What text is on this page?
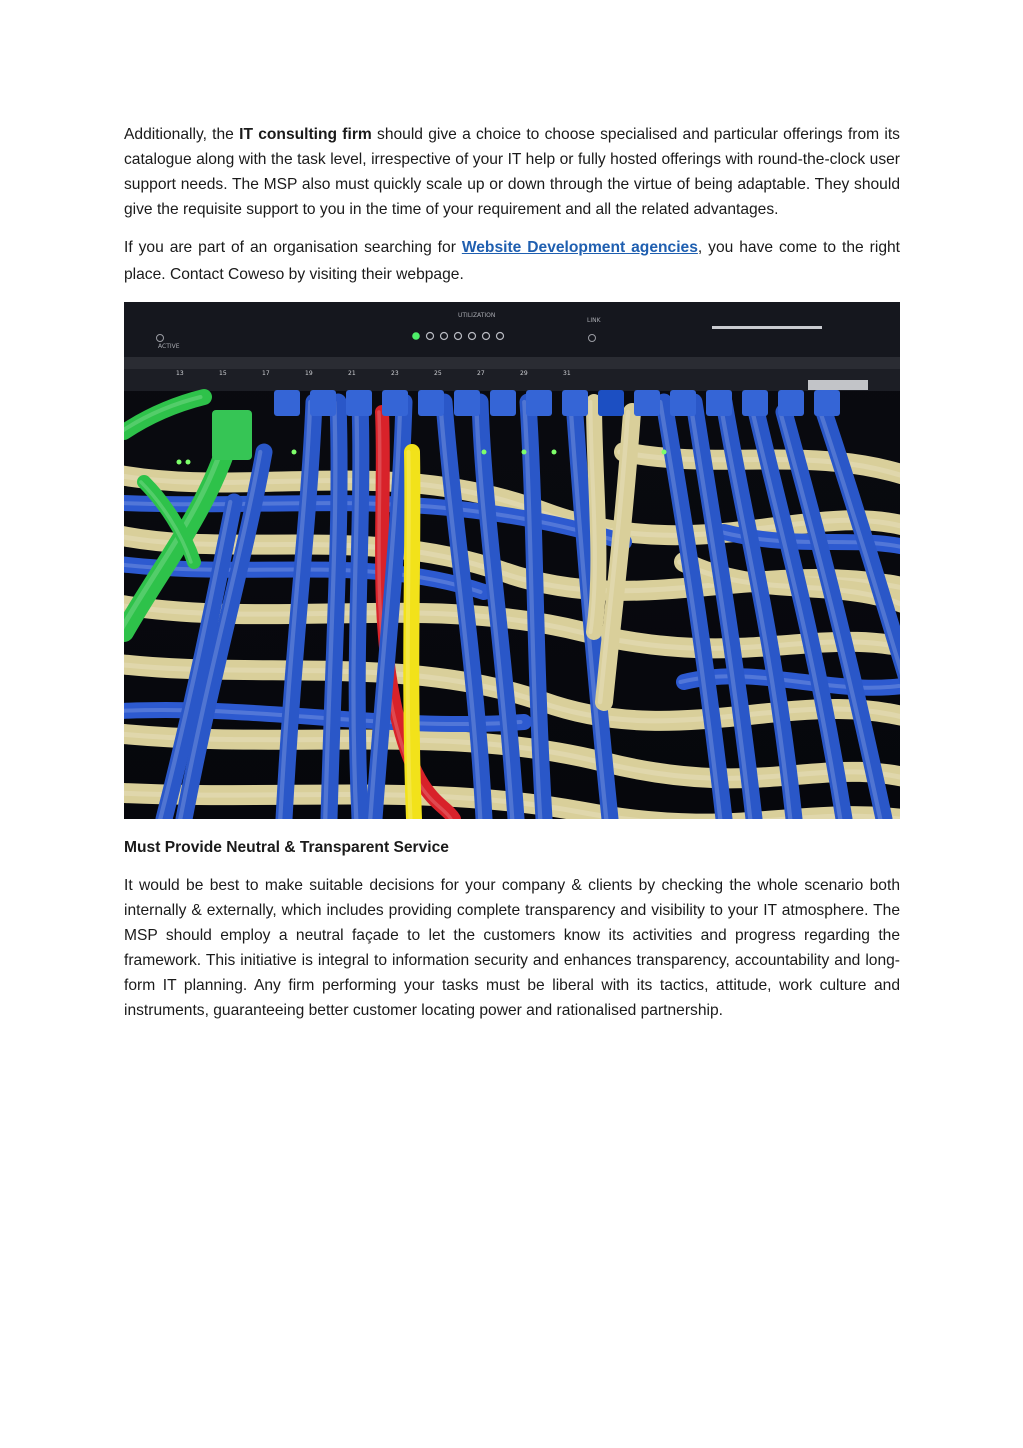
Additionally, the IT consulting firm should give a choice to choose specialised and particular offerings from its catalogue along with the task level, irrespective of your IT help or fully hosted offerings with round-the-clock user support needs. The MSP also must quickly scale up or down through the virtue of being adaptable. They should give the requisite support to you in the time of your requirement and all the related advantages.

If you are part of an organisation searching for Website Development agencies, you have come to the right place. Contact Coweso by visiting their webpage.

ACTIVE
UTILIZATION
LINK
13	15	17	19	21	23	25	27	29	31

Must Provide Neutral & Transparent Service

It would be best to make suitable decisions for your company & clients by checking the whole scenario both internally & externally, which includes providing complete transparency and visibility to your IT atmosphere. The MSP should employ a neutral façade to let the customers know its activities and progress regarding the framework. This initiative is integral to information security and enhances transparency, accountability and long-form IT planning. Any firm performing your tasks must be liberal with its tactics, attitude, work culture and instruments, guaranteeing better customer locating power and rationalised partnership.
